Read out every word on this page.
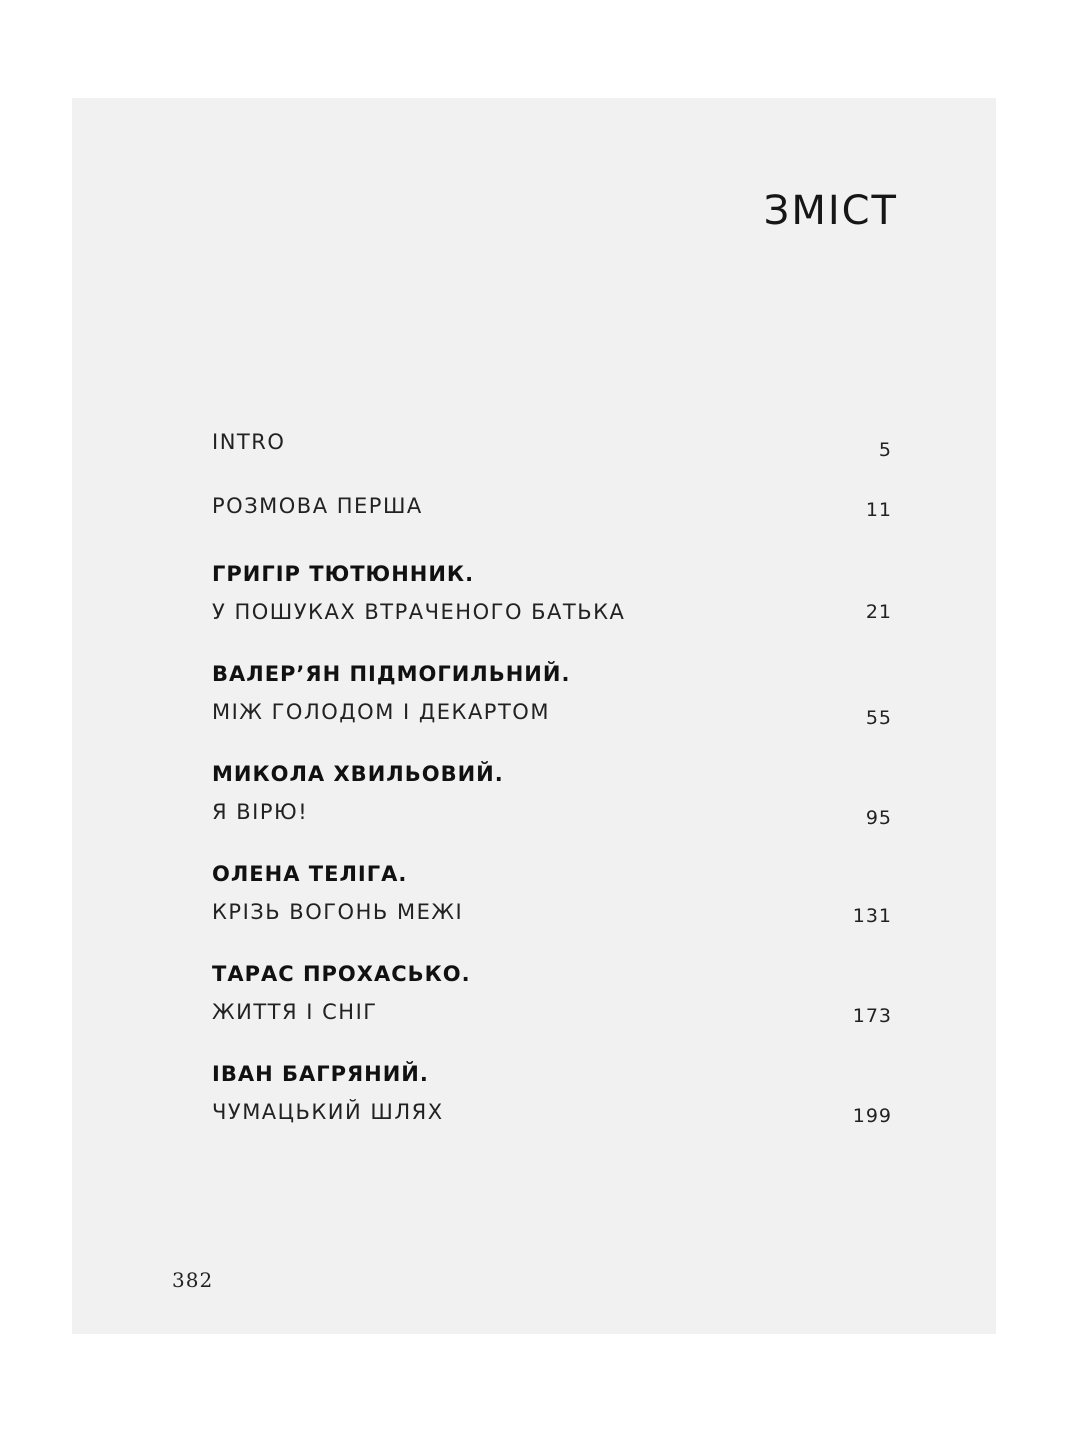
ЗМІСТ
INTRO	5
РОЗМОВА ПЕРША	11
ГРИГІР ТЮТЮННИК.
У ПОШУКАХ ВТРАЧЕНОГО БАТЬКА	21
ВАЛЕР’ЯН ПІДМОГИЛЬНИЙ.
МІЖ ГОЛОДОМ І ДЕКАРТОМ	55
МИКОЛА ХВИЛЬОВИЙ.
Я ВІРЮ!	95
ОЛЕНА ТЕЛІГА.
КРІЗЬ ВОГОНЬ МЕЖІ	131
ТАРАС ПРОХАСЬКО.
ЖИТТЯ І СНІГ	173
ІВАН БАГРЯНИЙ.
ЧУМАЦЬКИЙ ШЛЯХ	199
382
